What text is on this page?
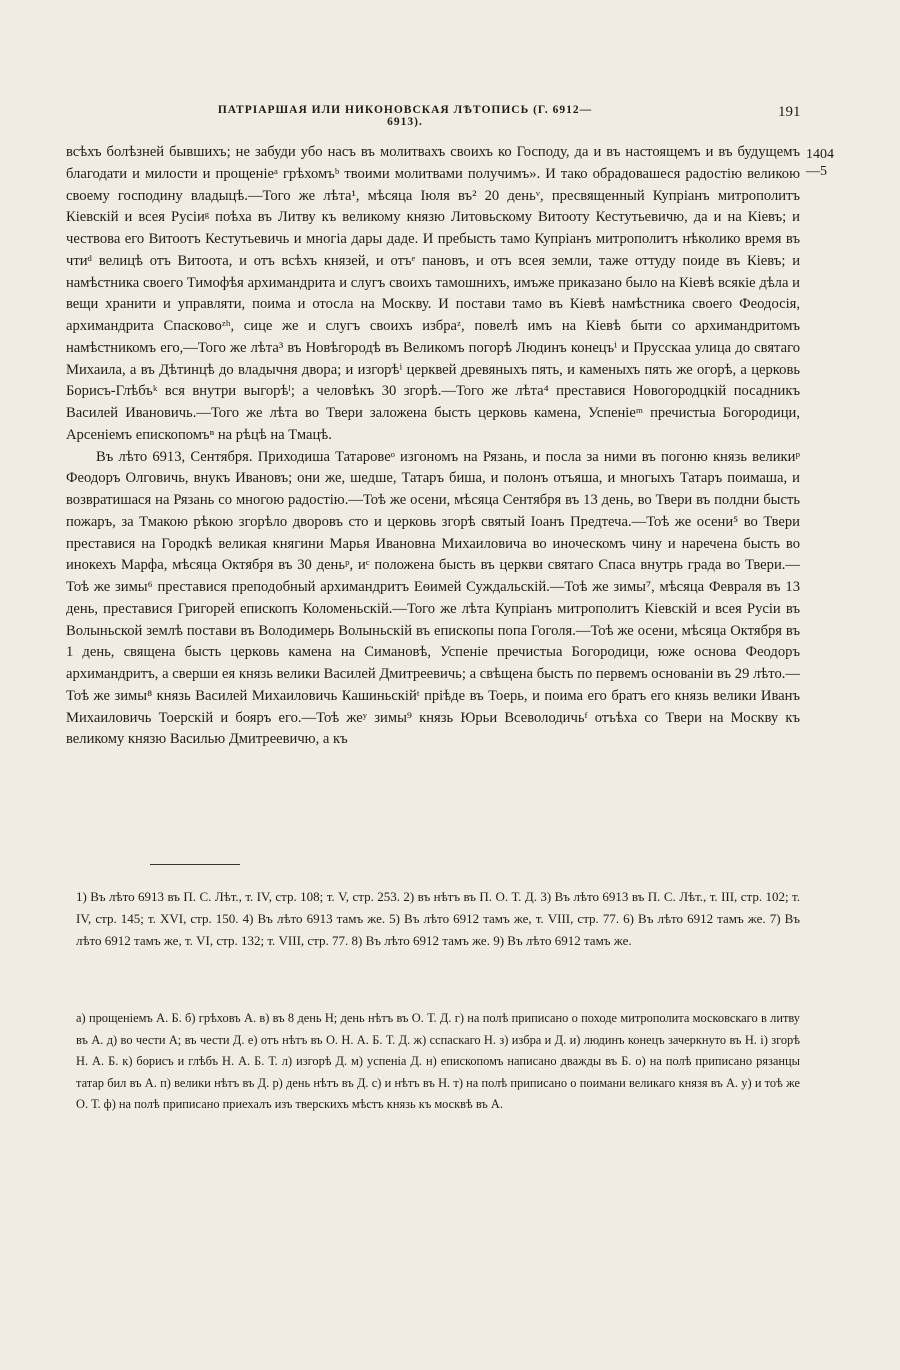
ПАТРІАРШАЯ ИЛИ НИКОНОВСКАЯ ЛѢТОПИСЬ (Г. 6912—6913).
191
1404
—5

всѣхъ болѣзней бывшихъ; не забуди убо насъ въ молитвахъ своихъ ко Господу, да и въ настоящемъ и въ будущемъ благодати и милости и прощеніеᵃ грѣхомъᵇ твоими молитвами получимъ». И тако обрадовашеся радостію великою своему господину владыцѣ.—Того же лѣта¹, мѣсяца Іюля въ² 20 деньᵛ, пресвященный Купріанъ митрополитъ Кіевскій и всея Русіиᵍ поѣха въ Литву къ великому князю Литовьскому Витооту Кестутьевичю, да и на Кіевъ; и чествова его Витоотъ Кестутьевичь и многіа дары даде. И пребысть тамо Купріанъ митрополитъ нѣколико время въ чтиᵈ велицѣ отъ Витоота, и отъ всѣхъ князей, и отъᵉ пановъ, и отъ всея земли, таже оттуду поиде въ Кіевъ; и намѣстника своего Тимофѣя архимандрита и слугъ своихъ тамошнихъ, имъже приказано было на Кіевѣ всякіе дѣла и вещи хранити и управляти, поима и отосла на Москву. И постави тамо въ Кіевѣ намѣстника своего Феодосія, архимандрита Спасковоᶻʰ, сице же и слугъ своихъ избраᶻ, повелѣ имъ на Кіевѣ быти со архимандритомъ намѣстникомъ его,—Того же лѣта³ въ Новѣгородѣ въ Великомъ погорѣ Людинъ конецъⁱ и Прусскаа улица до святаго Михаила, а въ Дѣтинцѣ до владычня двора; и изгорѣⁱ церквей древяныхъ пять, и каменыхъ пять же огорѣ, а церковь Борисъ-Глѣбъᵏ вся внутри выгорѣˡ; а человѣкъ 30 згорѣ.—Того же лѣта⁴ преставися Новогородцкій посадникъ Василей Ивановичь.—Того же лѣта во Твери заложена бысть церковь камена, Успеніеᵐ пречистыа Богородици, Арсеніемъ епископомъⁿ на рѣцѣ на Тмацѣ.

Въ лѣто 6913, Сентября. Приходиша Татаровеᵒ изгономъ на Рязань, и посла за ними въ погоню князь великиᵖ Феодоръ Олговичь, внукъ Ивановъ; они же, шедше, Татаръ биша, и полонъ отъяша, и многыхъ Татаръ поимаша, и возвратишася на Рязань со многою радостію.—Тоѣ же осени, мѣсяца Сентября въ 13 день, во Твери въ полдни бысть пожаръ, за Тмакою рѣкою згорѣло дворовъ сто и церковь згорѣ святый Іоанъ Предтеча.—Тоѣ же осени⁵ во Твери преставися на Городкѣ великая княгини Марья Ивановна Михаиловича во иноческомъ чину и наречена бысть во инокехъ Марфа, мѣсяца Октября въ 30 деньᵖ, иᶜ положена бысть въ церкви святаго Спаса внутрь града во Твери.—Тоѣ же зимы⁶ преставися преподобный архимандритъ Еѳимей Суждальскій.—Тоѣ же зимы⁷, мѣсяца Февраля въ 13 день, преставися Григорей епископъ Коломеньскій.—Того же лѣта Купріанъ митрополитъ Кіевскій и всея Русіи въ Волыньской землѣ постави въ Володимерь Волыньскій въ епископы попа Гоголя.—Тоѣ же осени, мѣсяца Октября въ 1 день, священа бысть церковь камена на Симановѣ, Успеніе пречистыа Богородици, юже основа Феодоръ архимандритъ, а сверши ея князь велики Василей Дмитреевичь; а свѣщена бысть по первемъ основаніи въ 29 лѣто.—Тоѣ же зимы⁸ князь Василей Михаиловичь Кашиньскійᵗ пріѣде въ Тоерь, и поима его братъ его князь велики Иванъ Михаиловичь Тоерскій и бояръ его.—Тоѣ жеʸ зимы⁹ князь Юрьи Всеволодичьᶠ отъѣха со Твери на Москву къ великому князю Василью Дмитреевичю, а къ

1) Въ лѣто 6913 въ П. С. Лѣт., т. IV, стр. 108; т. V, стр. 253. 2) въ нѣтъ въ П. О. Т. Д. 3) Въ лѣто 6913 въ П. С. Лѣт., т. III, стр. 102; т. IV, стр. 145; т. XVI, стр. 150. 4) Въ лѣто 6913 тамъ же. 5) Въ лѣто 6912 тамъ же, т. VIII, стр. 77. 6) Въ лѣто 6912 тамъ же. 7) Въ лѣто 6912 тамъ же, т. VI, стр. 132; т. VIII, стр. 77. 8) Въ лѣто 6912 тамъ же. 9) Въ лѣто 6912 тамъ же.

а) прощеніемъ А. Б. б) грѣховъ А. в) въ 8 день Н; день нѣтъ въ О. Т. Д. г) на полѣ приписано о походе митрополита московскаго в литву въ А. д) во чести А; въ чести Д. е) отъ нѣтъ въ О. Н. А. Б. Т. Д. ж) сспаскаго Н. з) избра и Д. и) людинъ конецъ зачеркнуто въ Н. і) згорѣ Н. А. Б. к) борисъ и глѣбъ Н. А. Б. Т. л) изгорѣ Д. м) успеніа Д. н) епископомъ написано дважды въ Б. о) на полѣ приписано рязанцы татар бил въ А. п) велики нѣтъ въ Д. р) день нѣтъ въ Д. с) и нѣтъ въ Н. т) на полѣ приписано о поимани великаго князя въ А. у) и тоѣ же О. Т. ф) на полѣ приписано приехалъ изъ тверскихъ мѣстъ князь къ москвѣ въ А.
